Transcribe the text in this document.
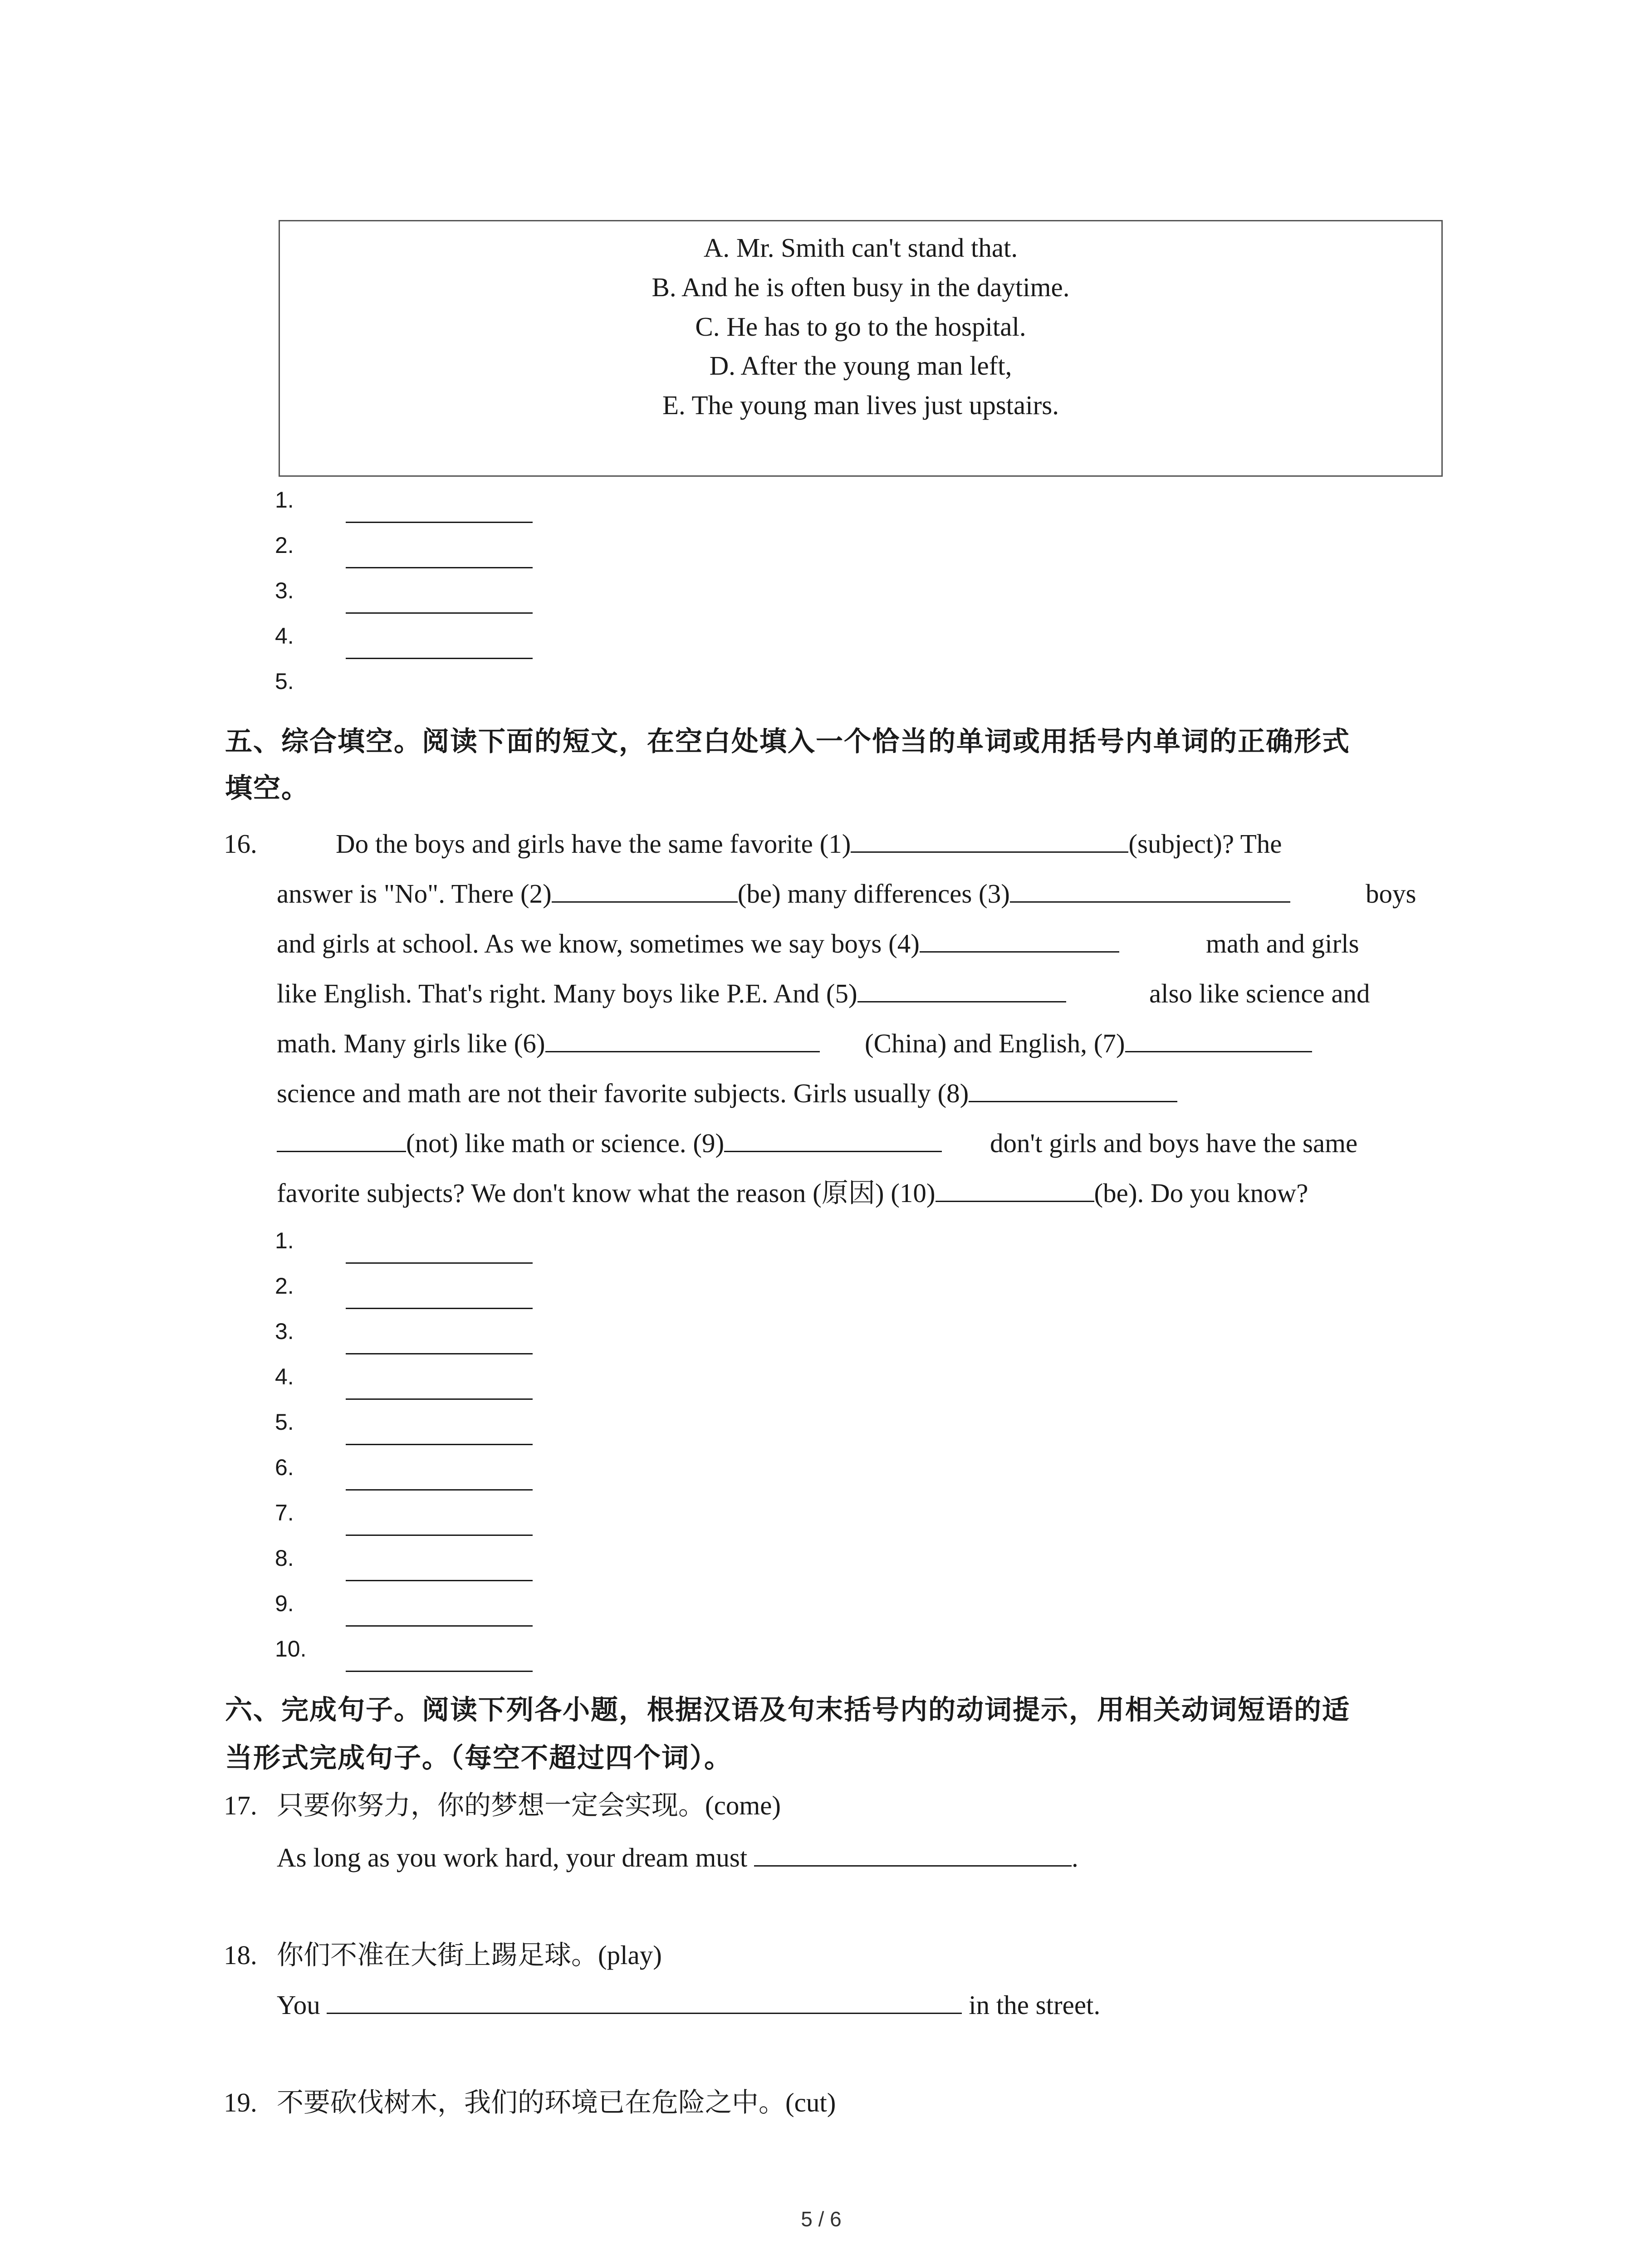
A. Mr. Smith can't stand that.
B. And he is often busy in the daytime.
C. He has to go to the hospital.
D. After the young man left,
E. The young man lives just upstairs.
1.
2.
3.
4.
5.
五、综合填空。阅读下面的短文，在空白处填入一个恰当的单词或用括号内单词的正确形式
填空。
16.	Do the boys and girls have the same favorite (1)	(subject)? The
answer is "No". There (2)	(be) many differences (3)	boys
and girls at school. As we know, sometimes we say boys (4)	math and girls
like English. That's right. Many boys like P.E. And (5)	also like science and
math. Many girls like (6)	(China) and English, (7)
science and math are not their favorite subjects. Girls usually (8)
(not) like math or science. (9)	don't girls and boys have the same
favorite subjects? We don't know what the reason (原因) (10)	(be). Do you know?
1.
2.
3.
4.
5.
6.
7.
8.
9.
10.
六、完成句子。阅读下列各小题，根据汉语及句末括号内的动词提示，用相关动词短语的适
当形式完成句子。（每空不超过四个词）。
17. 只要你努力，你的梦想一定会实现。(come)
As long as you work hard, your dream must	.
18. 你们不准在大街上踢足球。(play)
You	in the street.
19. 不要砍伐树木，我们的环境已在危险之中。(cut)
5 / 6
